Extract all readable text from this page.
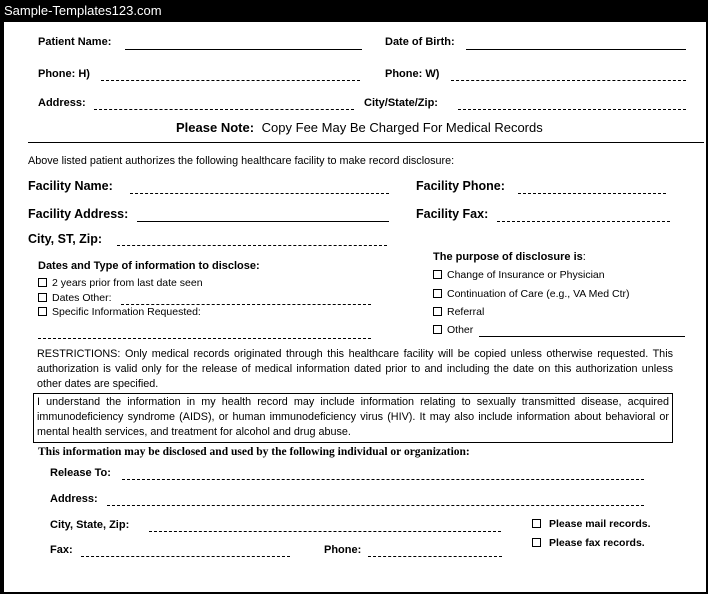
Sample-Templates123.com
Patient Name:	Date of Birth:
Phone: H)	Phone: W)
Address:	City/State/Zip:
Please Note: Copy Fee May Be Charged For Medical Records
Above listed patient authorizes the following healthcare facility to make record disclosure:
Facility Name:	Facility Phone:
Facility Address:	Facility Fax:
City, ST, Zip:
Dates and Type of information to disclose:
2 years prior from last date seen
Dates Other:
Specific Information Requested:
The purpose of disclosure is:
Change of Insurance or Physician
Continuation of Care (e.g., VA Med Ctr)
Referral
Other
RESTRICTIONS: Only medical records originated through this healthcare facility will be copied unless otherwise requested. This authorization is valid only for the release of medical information dated prior to and including the date on this authorization unless other dates are specified.
I understand the information in my health record may include information relating to sexually transmitted disease, acquired immunodeficiency syndrome (AIDS), or human immunodeficiency virus (HIV). It may also include information about behavioral or mental health services, and treatment for alcohol and drug abuse.
This information may be disclosed and used by the following individual or organization:
Release To:
Address:
City, State, Zip:	Please mail records.
Please fax records.
Fax:	Phone:
